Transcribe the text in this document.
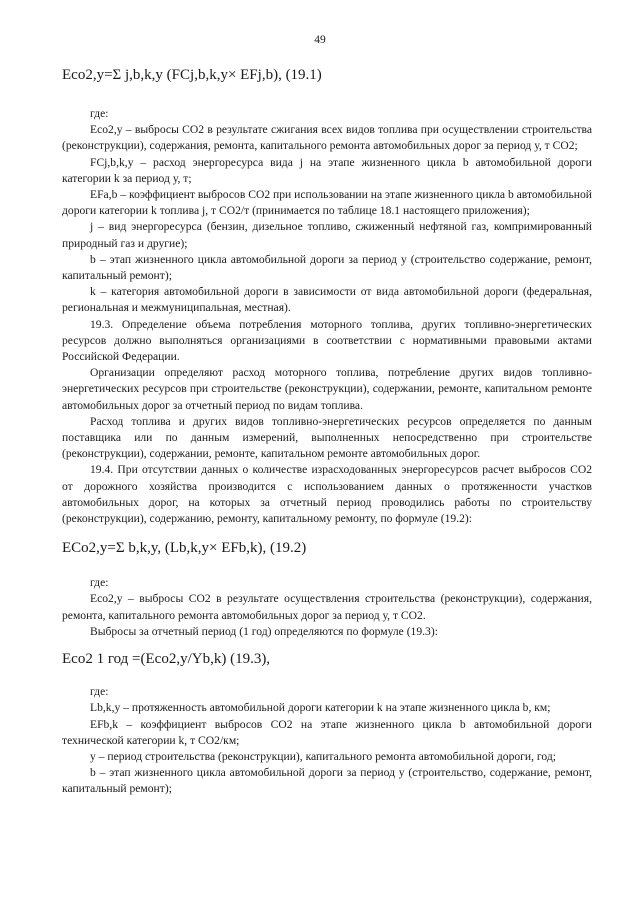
49

Eco2,y=Σ j,b,k,y (FCj,b,k,y× EFj,b), (19.1)

где:

Eco2,y – выбросы СО2 в результате сжигания всех видов топлива при осуществлении строительства (реконструкции), содержания, ремонта, капитального ремонта автомобильных дорог за период у, т СО2;

FCj,b,k,y – расход энергоресурса вида j на этапе жизненного цикла b автомобильной дороги категории k за период у, т;

EFa,b – коэффициент выбросов СО2 при использовании на этапе жизненного цикла b автомобильной дороги категории k топлива j, т СО2/т (принимается по таблице 18.1 настоящего приложения);

j – вид энергоресурса (бензин, дизельное топливо, сжиженный нефтяной газ, компримированный природный газ и другие);

b – этап жизненного цикла автомобильной дороги за период у (строительство содержание, ремонт, капитальный ремонт);

k – категория автомобильной дороги в зависимости от вида автомобильной дороги (федеральная, региональная и межмуниципальная, местная).

19.3. Определение объема потребления моторного топлива, других топливно-энергетических ресурсов должно выполняться организациями в соответствии с нормативными правовыми актами Российской Федерации.

Организации определяют расход моторного топлива, потребление других видов топливно-энергетических ресурсов при строительстве (реконструкции), содержании, ремонте, капитальном ремонте автомобильных дорог за отчетный период по видам топлива.

Расход топлива и других видов топливно-энергетических ресурсов определяется по данным поставщика или по данным измерений, выполненных непосредственно при строительстве (реконструкции), содержании, ремонте, капитальном ремонте автомобильных дорог.

19.4. При отсутствии данных о количестве израсходованных энергоресурсов расчет выбросов СО2 от дорожного хозяйства производится с использованием данных о протяженности участков автомобильных дорог, на которых за отчетный период проводились работы по строительству (реконструкции), содержанию, ремонту, капитальному ремонту, по формуле (19.2):

ECo2,y=Σ b,k,y, (Lb,k,y× EFb,k), (19.2)

где:

Eco2,y – выбросы СО2 в результате осуществления строительства (реконструкции), содержания, ремонта, капитального ремонта автомобильных дорог за период у, т СО2.

Выбросы за отчетный период (1 год) определяются по формуле (19.3):

Eco2 1 год =(Eco2,y/Yb,k) (19.3),

где:

Lb,k,y – протяженность автомобильной дороги категории k на этапе жизненного цикла b, км;

EFb,k – коэффициент выбросов СО2 на этапе жизненного цикла b автомобильной дороги технической категории k, т СО2/км;

у – период строительства (реконструкции), капитального ремонта автомобильной дороги, год;

b – этап жизненного цикла автомобильной дороги за период у (строительство, содержание, ремонт, капитальный ремонт);
